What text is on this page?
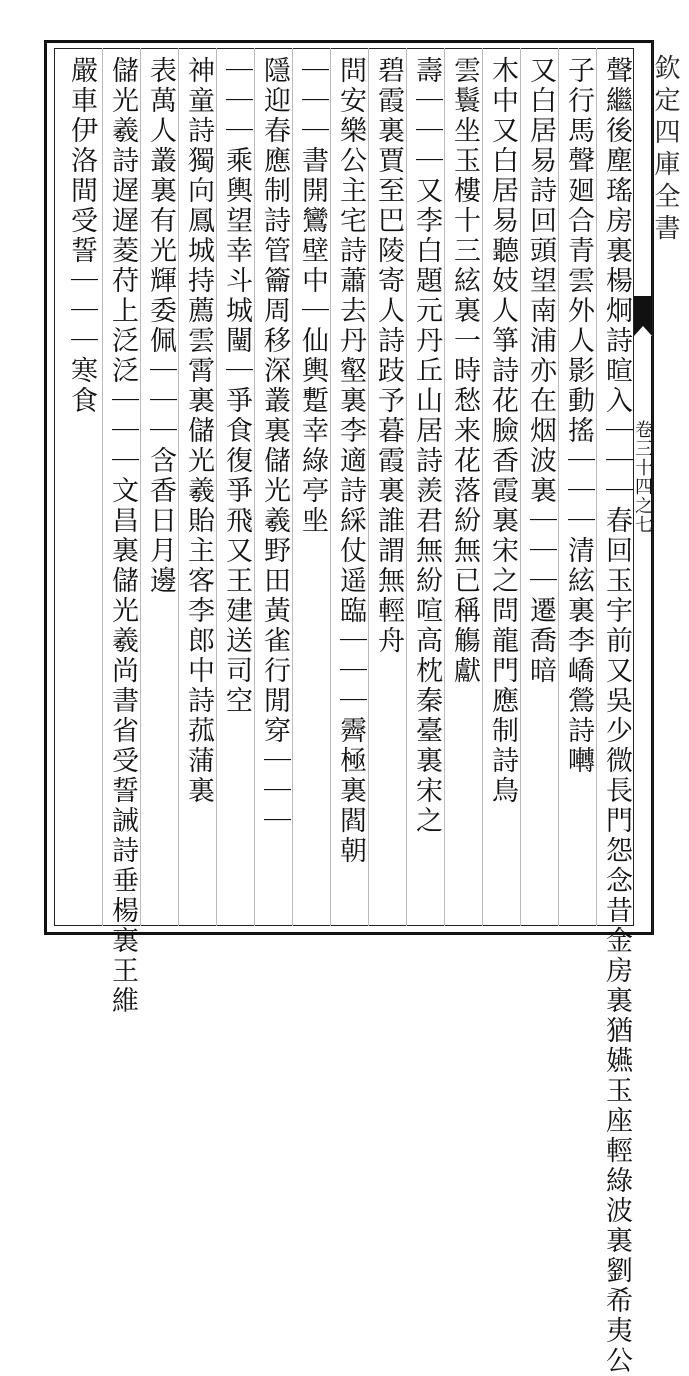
欽定四庫全書
卷三十四之七
聲繼後塵瑤房裏楊炯詩暄入｜｜｜春回玉宇前又吳少微長門怨念昔金房裏猶嬿玉座輕綠波裏劉希夷公
子行馬聲廻合青雲外人影動搖｜｜｜清絃裏李嶠鶯詩囀
又白居易詩回頭望南浦亦在烟波裏｜｜｜遷喬暗
木中又白居易聽妓人箏詩花臉香霞裏宋之問龍門應制詩鳥
雲鬟坐玉樓十三絃裏一時愁来花落紛無已稱觴獻
壽｜｜｜又李白題元丹丘山居詩羨君無紛喧高枕秦臺裏宋之
碧霞裏賈至巴陵寄人詩跂予暮霞裏誰謂無輕舟
問安樂公主宅詩蕭去丹壑裏李適詩綵仗遥臨｜｜｜霽極裏閻朝
｜｜｜書開鸞壁中｜仙輿蹔幸綠亭㘴
隱迎春應制詩管籥周移深叢裏儲光羲野田黃雀行閒穿｜｜｜
｜｜｜乘輿望幸斗城闉｜爭食復爭飛又王建送司空
神童詩獨向鳳城持薦雲霄裏儲光羲貽主客李郎中詩菰蒲裏
表萬人叢裏有光輝委佩｜｜｜含香日月邊
儲光羲詩遅遅菱苻上泛泛｜｜｜文昌裏儲光羲尚書省受誓誡詩垂楊裏王維
嚴車伊洛間受誓｜｜｜寒食
